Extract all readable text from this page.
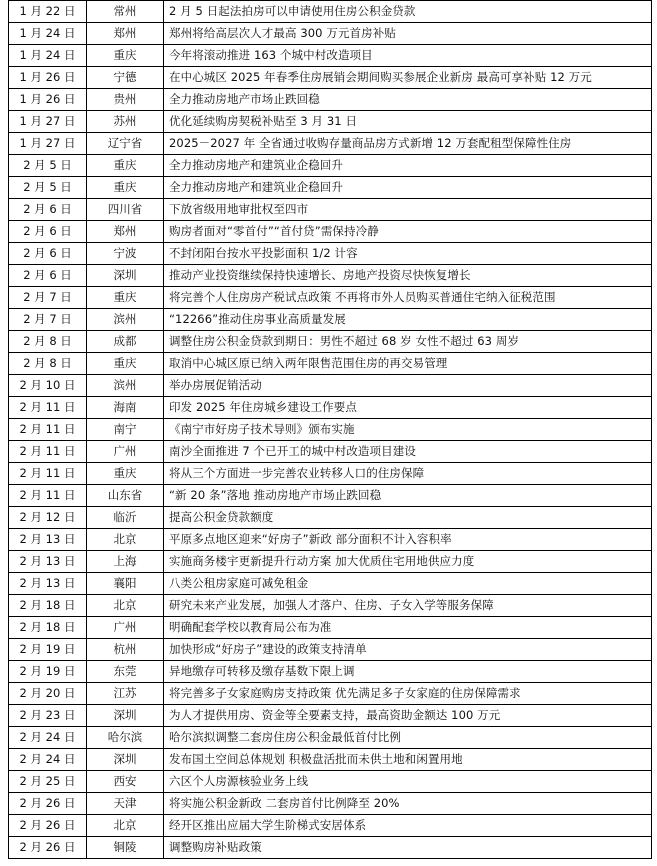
1 月 22 日	常州	2 月 5 日起法拍房可以申请使用住房公积金贷款
1 月 24 日	郑州	郑州将给高层次人才最高 300 万元首房补贴
1 月 24 日	重庆	今年将滚动推进 163 个城中村改造项目
1 月 26 日	宁德	在中心城区 2025 年春季住房展销会期间购买参展企业新房 最高可享补贴 12 万元
1 月 26 日	贵州	全力推动房地产市场止跌回稳
1 月 27 日	苏州	优化延续购房契税补贴至 3 月 31 日
1 月 27 日	辽宁省	2025－2027 年 全省通过收购存量商品房方式新增 12 万套配租型保障性住房
2 月 5 日	重庆	全力推动房地产和建筑业企稳回升
2 月 5 日	重庆	全力推动房地产和建筑业企稳回升
2 月 6 日	四川省	下放省级用地审批权至四市
2 月 6 日	郑州	购房者面对“零首付”“首付贷”需保持冷静
2 月 6 日	宁波	不封闭阳台按水平投影面积 1/2 计容
2 月 6 日	深圳	推动产业投资继续保持快速增长、房地产投资尽快恢复增长
2 月 7 日	重庆	将完善个人住房房产税试点政策 不再将市外人员购买普通住宅纳入征税范围
2 月 7 日	滨州	“12266”推动住房事业高质量发展
2 月 8 日	成都	调整住房公积金贷款到期日：男性不超过 68 岁 女性不超过 63 周岁
2 月 8 日	重庆	取消中心城区原已纳入两年限售范围住房的再交易管理
2 月 10 日	滨州	举办房展促销活动
2 月 11 日	海南	印发 2025 年住房城乡建设工作要点
2 月 11 日	南宁	《南宁市好房子技术导则》颁布实施
2 月 11 日	广州	南沙全面推进 7 个已开工的城中村改造项目建设
2 月 11 日	重庆	将从三个方面进一步完善农业转移人口的住房保障
2 月 11 日	山东省	“新 20 条”落地 推动房地产市场止跌回稳
2 月 12 日	临沂	提高公积金贷款额度
2 月 13 日	北京	平原多点地区迎来“好房子”新政 部分面积不计入容积率
2 月 13 日	上海	实施商务楼宇更新提升行动方案 加大优质住宅用地供应力度
2 月 13 日	襄阳	八类公租房家庭可减免租金
2 月 18 日	北京	研究未来产业发展，加强人才落户、住房、子女入学等服务保障
2 月 18 日	广州	明确配套学校以教育局公布为准
2 月 19 日	杭州	加快形成“好房子”建设的政策支持清单
2 月 19 日	东莞	异地缴存可转移及缴存基数下限上调
2 月 20 日	江苏	将完善多子女家庭购房支持政策 优先满足多子女家庭的住房保障需求
2 月 23 日	深圳	为人才提供用房、资金等全要素支持，最高资助金额达 100 万元
2 月 24 日	哈尔滨	哈尔滨拟调整二套房住房公积金最低首付比例
2 月 24 日	深圳	发布国土空间总体规划 积极盘活批而未供土地和闲置用地
2 月 25 日	西安	六区个人房源核验业务上线
2 月 26 日	天津	将实施公积金新政 二套房首付比例降至 20%
2 月 26 日	北京	经开区推出应届大学生阶梯式安居体系
2 月 26 日	铜陵	调整购房补贴政策
